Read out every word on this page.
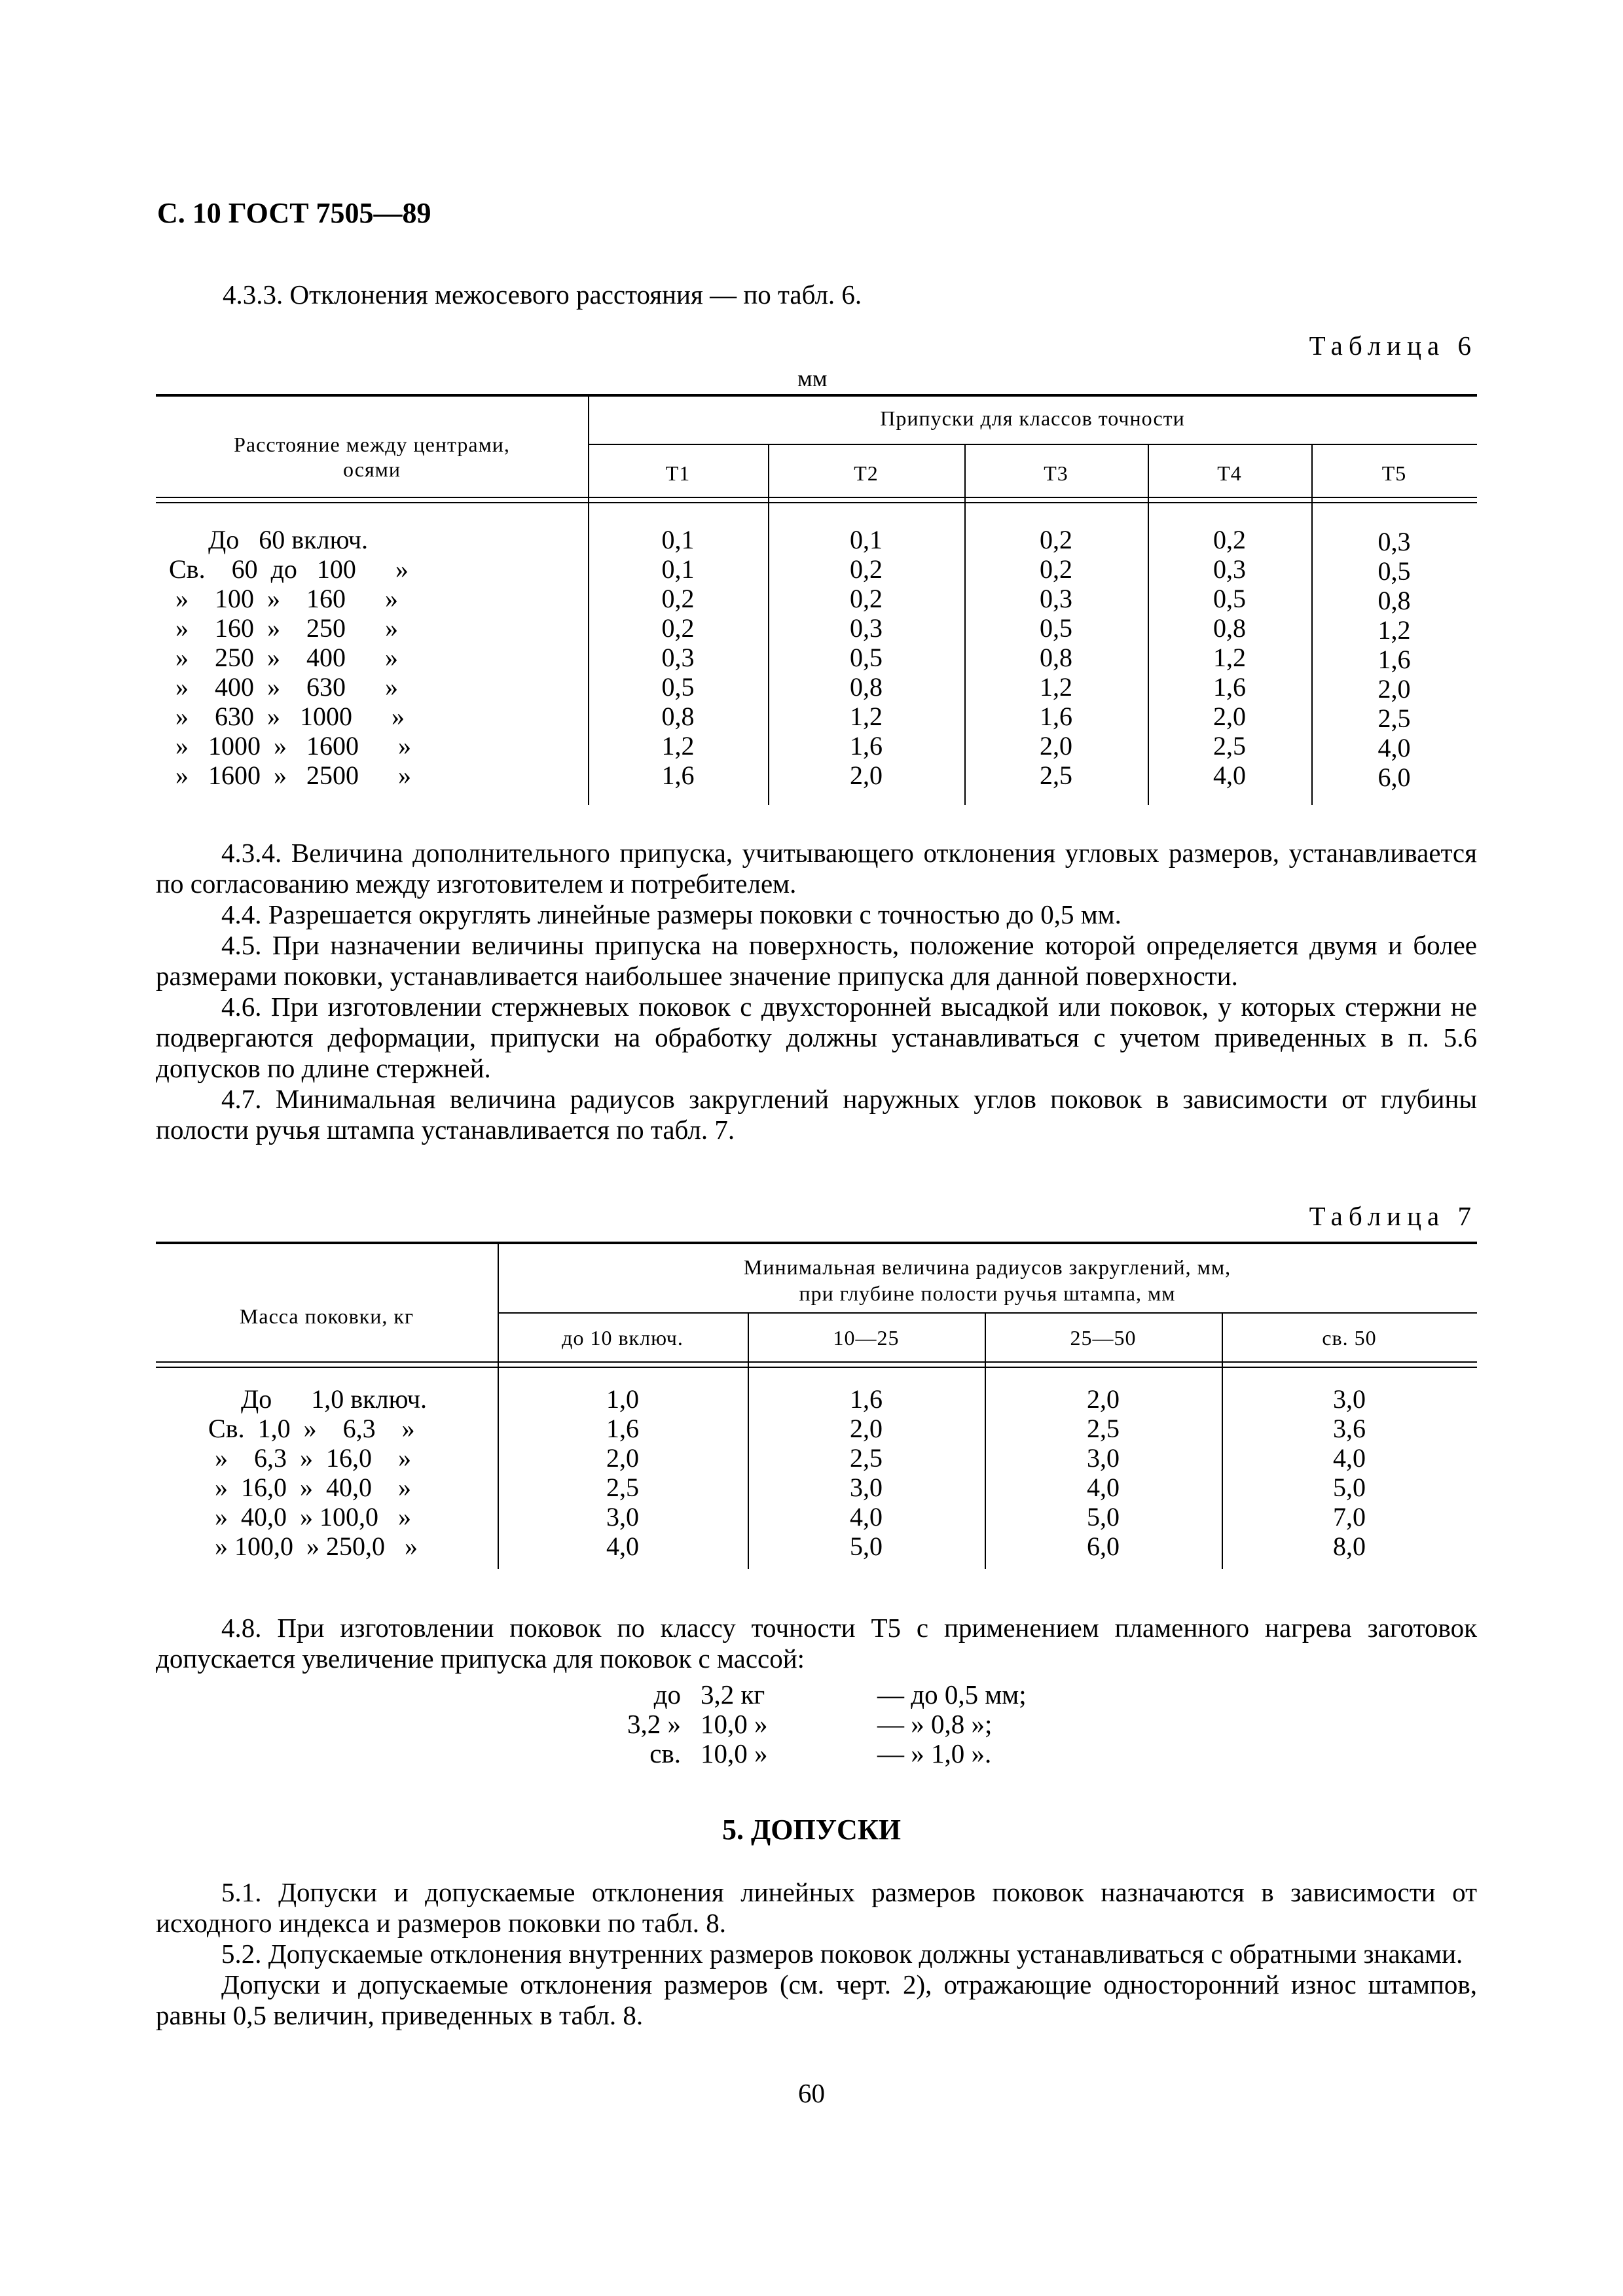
С. 10 ГОСТ 7505—89
4.3.3. Отклонения межосевого расстояния — по табл. 6.
Таблица 6
мм
Расстояние между центрами, осями
Припуски для классов точности
Т1	Т2	Т3	Т4	Т5
До   60 включ.	0,1	0,1	0,2	0,2	0,3
Св.    60  до   100      »	0,1	0,2	0,2	0,3	0,5
»    100  »    160      »	0,2	0,2	0,3	0,5	0,8
»    160  »    250      »	0,2	0,3	0,5	0,8	1,2
»    250  »    400      »	0,3	0,5	0,8	1,2	1,6
»    400  »    630      »	0,5	0,8	1,2	1,6	2,0
»    630  »   1000      »	0,8	1,2	1,6	2,0	2,5
»   1000  »   1600      »	1,2	1,6	2,0	2,5	4,0
»   1600  »   2500      »	1,6	2,0	2,5	4,0	6,0
4.3.4. Величина дополнительного припуска, учитывающего отклонения угловых размеров, устанавливается по согласованию между изготовителем и потребителем.
4.4. Разрешается округлять линейные размеры поковки с точностью до 0,5 мм.
4.5. При назначении величины припуска на поверхность, положение которой определяется двумя и более размерами поковки, устанавливается наибольшее значение припуска для данной поверхности.
4.6. При изготовлении стержневых поковок с двухсторонней высадкой или поковок, у которых стержни не подвергаются деформации, припуски на обработку должны устанавливаться с учетом приведенных в п. 5.6 допусков по длине стержней.
4.7. Минимальная величина радиусов закруглений наружных углов поковок в зависимости от глубины полости ручья штампа устанавливается по табл. 7.
Таблица 7
Масса поковки, кг
Минимальная величина радиусов закруглений, мм,
при глубине полости ручья штампа, мм
до 10 включ.	10—25	25—50	св. 50
До      1,0 включ.	1,0	1,6	2,0	3,0
Св.  1,0  »    6,3    »	1,6	2,0	2,5	3,6
»    6,3  »  16,0    »	2,0	2,5	3,0	4,0
»  16,0  »  40,0    »	2,5	3,0	4,0	5,0
»  40,0  » 100,0   »	3,0	4,0	5,0	7,0
» 100,0  » 250,0   »	4,0	5,0	6,0	8,0
4.8. При изготовлении поковок по классу точности Т5 с применением пламенного нагрева заготовок допускается увеличение припуска для поковок с массой:
до 3,2 кг	— до 0,5 мм;
3,2 » 10,0 »	— » 0,8 »;
св. 10,0 »	— » 1,0 ».
5. ДОПУСКИ
5.1. Допуски и допускаемые отклонения линейных размеров поковок назначаются в зависимости от исходного индекса и размеров поковки по табл. 8.
5.2. Допускаемые отклонения внутренних размеров поковок должны устанавливаться с обратными знаками.
Допуски и допускаемые отклонения размеров (см. черт. 2), отражающие односторонний износ штампов, равны 0,5 величин, приведенных в табл. 8.
60
